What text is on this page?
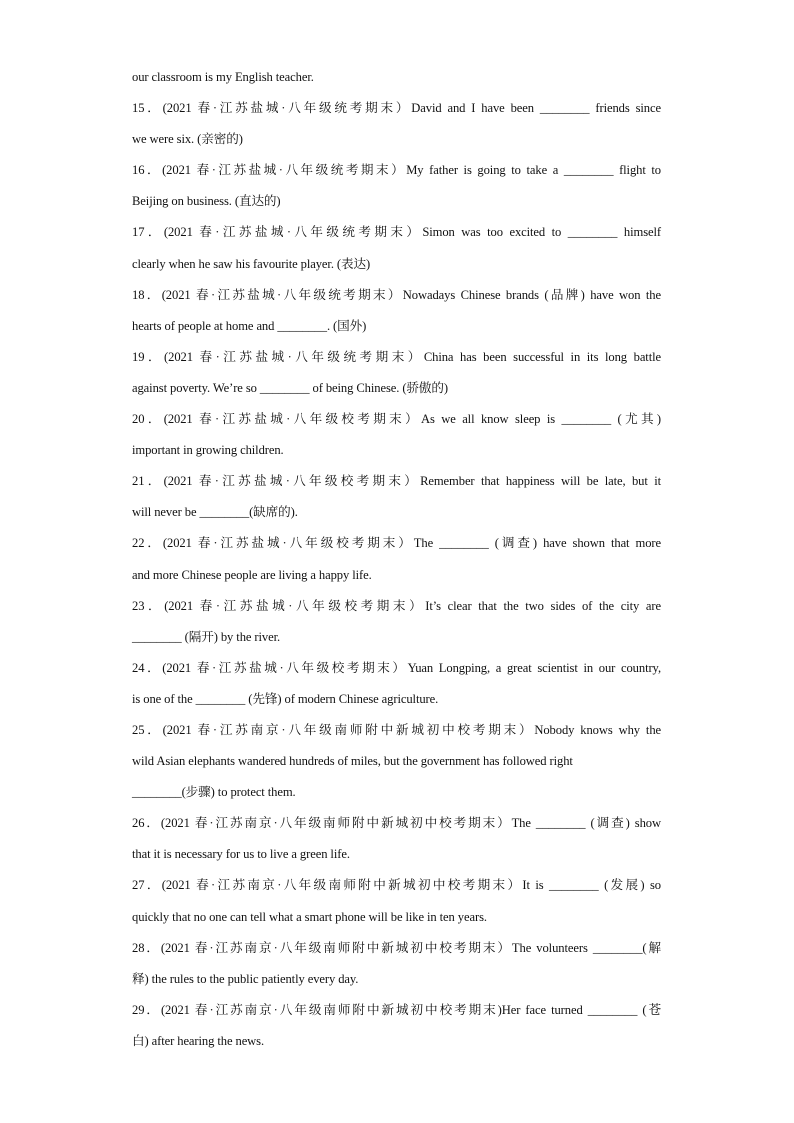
our classroom is my English teacher.
15．(2021 春·江苏盐城·八年级统考期末）David and I have been ________ friends since
we were six. (亲密的)
16．(2021 春·江苏盐城·八年级统考期末）My father is going to take a ________ flight to
Beijing on business. (直达的)
17．(2021 春·江苏盐城·八年级统考期末）Simon was too excited to ________ himself
clearly when he saw his favourite player. (表达)
18．(2021 春·江苏盐城·八年级统考期末）Nowadays Chinese brands (品牌) have won the
hearts of people at home and ________. (国外)
19．(2021 春·江苏盐城·八年级统考期末）China has been successful in its long battle
against poverty. We’re so ________ of being Chinese. (骄傲的)
20．(2021 春·江苏盐城·八年级校考期末）As we all know sleep is ________ (尤其)
important in growing children.
21．(2021 春·江苏盐城·八年级校考期末）Remember that happiness will be late, but it
will never be ________(缺席的).
22．(2021 春·江苏盐城·八年级校考期末）The ________ (调查) have shown that more
and more Chinese people are living a happy life.
23．(2021 春·江苏盐城·八年级校考期末）It’s clear that the two sides of the city are
________ (隔开) by the river.
24．(2021 春·江苏盐城·八年级校考期末）Yuan Longping, a great scientist in our country,
is one of the ________ (先锋) of modern Chinese agriculture.
25．(2021 春·江苏南京·八年级南师附中新城初中校考期末）Nobody knows why the
wild Asian elephants wandered hundreds of miles, but the government has followed right
________(步骤) to protect them.
26．(2021 春·江苏南京·八年级南师附中新城初中校考期末）The ________ (调查) show
that it is necessary for us to live a green life.
27．(2021 春·江苏南京·八年级南师附中新城初中校考期末）It is ________ (发展) so
quickly that no one can tell what a smart phone will be like in ten years.
28．(2021 春·江苏南京·八年级南师附中新城初中校考期末）The volunteers ________(解
释) the rules to the public patiently every day.
29．(2021 春·江苏南京·八年级南师附中新城初中校考期末)Her face turned ________ (苍
白) after hearing the news.
